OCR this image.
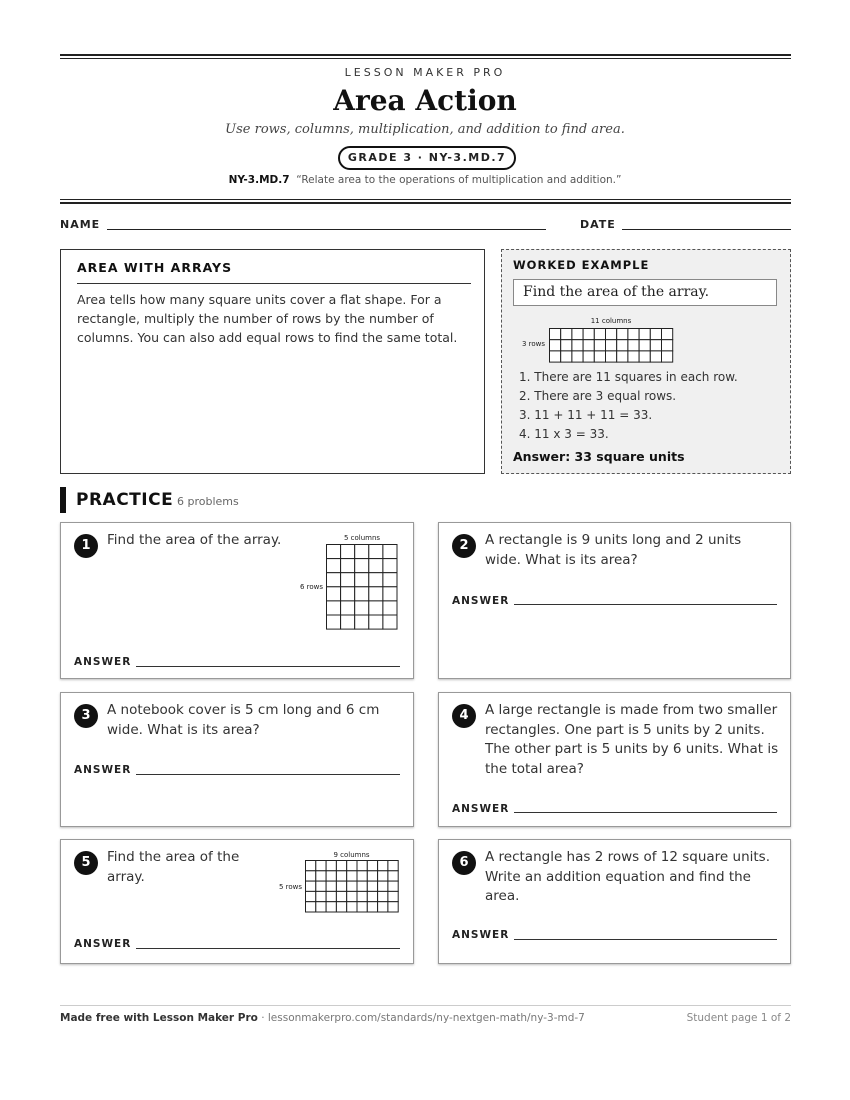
LESSON MAKER PRO
Area Action
Use rows, columns, multiplication, and addition to find area.
GRADE 3 · NY-3.MD.7
NY-3.MD.7 “Relate area to the operations of multiplication and addition.”
NAME	DATE
AREA WITH ARRAYS
Area tells how many square units cover a flat shape. For a rectangle, multiply the number of rows by the number of columns. You can also add equal rows to find the same total.
WORKED EXAMPLE
Find the area of the array.
11 columns
3 rows
1. There are 11 squares in each row.
2. There are 3 equal rows.
3. 11 + 11 + 11 = 33.
4. 11 x 3 = 33.
Answer: 33 square units
PRACTICE 6 problems
1	Find the area of the array.	5 columns
6 rows
ANSWER
2	A rectangle is 9 units long and 2 units wide. What is its area?
ANSWER
3	A notebook cover is 5 cm long and 6 cm wide. What is its area?
ANSWER
4	A large rectangle is made from two smaller rectangles. One part is 5 units by 2 units. The other part is 5 units by 6 units. What is the total area?
ANSWER
5	Find the area of the array.
9 columns
5 rows
ANSWER
6	A rectangle has 2 rows of 12 square units. Write an addition equation and find the area.
ANSWER
Made free with Lesson Maker Pro · lessonmakerpro.com/standards/ny-nextgen-math/ny-3-md-7	Student page 1 of 2
